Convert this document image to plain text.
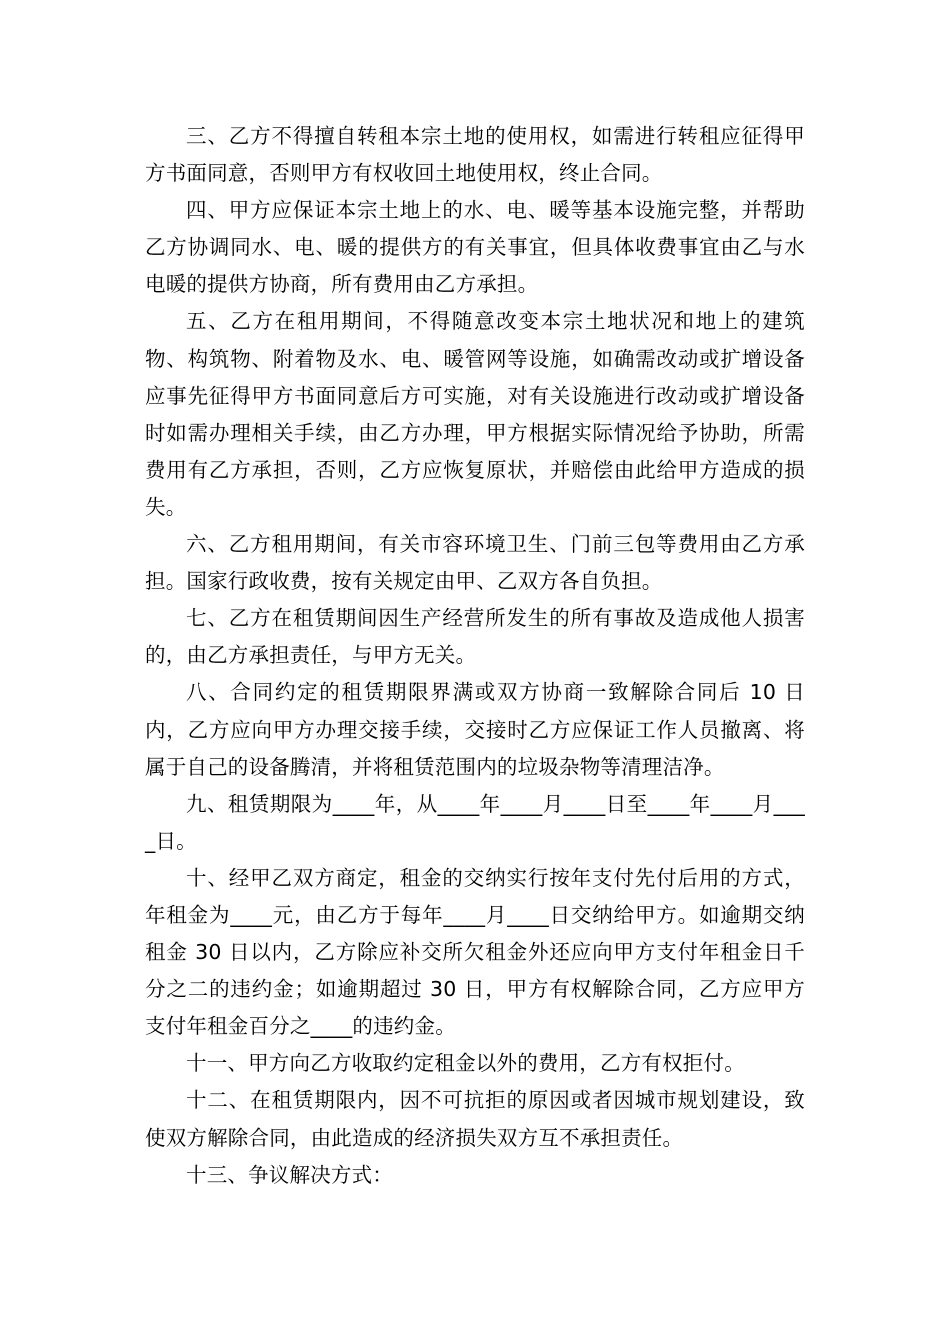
三、乙方不得擅自转租本宗土地的使用权，如需进行转租应征得甲方书面同意，否则甲方有权收回土地使用权，终止合同。

四、甲方应保证本宗土地上的水、电、暖等基本设施完整，并帮助乙方协调同水、电、暖的提供方的有关事宜，但具体收费事宜由乙与水电暖的提供方协商，所有费用由乙方承担。

五、乙方在租用期间，不得随意改变本宗土地状况和地上的建筑物、构筑物、附着物及水、电、暖管网等设施，如确需改动或扩增设备应事先征得甲方书面同意后方可实施，对有关设施进行改动或扩增设备时如需办理相关手续，由乙方办理，甲方根据实际情况给予协助，所需费用有乙方承担，否则，乙方应恢复原状，并赔偿由此给甲方造成的损失。

六、乙方租用期间，有关市容环境卫生、门前三包等费用由乙方承担。国家行政收费，按有关规定由甲、乙双方各自负担。

七、乙方在租赁期间因生产经营所发生的所有事故及造成他人损害的，由乙方承担责任，与甲方无关。

八、合同约定的租赁期限界满或双方协商一致解除合同后 10 日内，乙方应向甲方办理交接手续，交接时乙方应保证工作人员撤离、将属于自己的设备腾清，并将租赁范围内的垃圾杂物等清理洁净。

九、租赁期限为____年，从____年____月____日至____年____月____日。

十、经甲乙双方商定，租金的交纳实行按年支付先付后用的方式，年租金为____元，由乙方于每年____月____日交纳给甲方。如逾期交纳租金 30 日以内，乙方除应补交所欠租金外还应向甲方支付年租金日千分之二的违约金；如逾期超过 30 日，甲方有权解除合同，乙方应甲方支付年租金百分之____的违约金。

十一、甲方向乙方收取约定租金以外的费用，乙方有权拒付。

十二、在租赁期限内，因不可抗拒的原因或者因城市规划建设，致使双方解除合同，由此造成的经济损失双方互不承担责任。

十三、争议解决方式：
